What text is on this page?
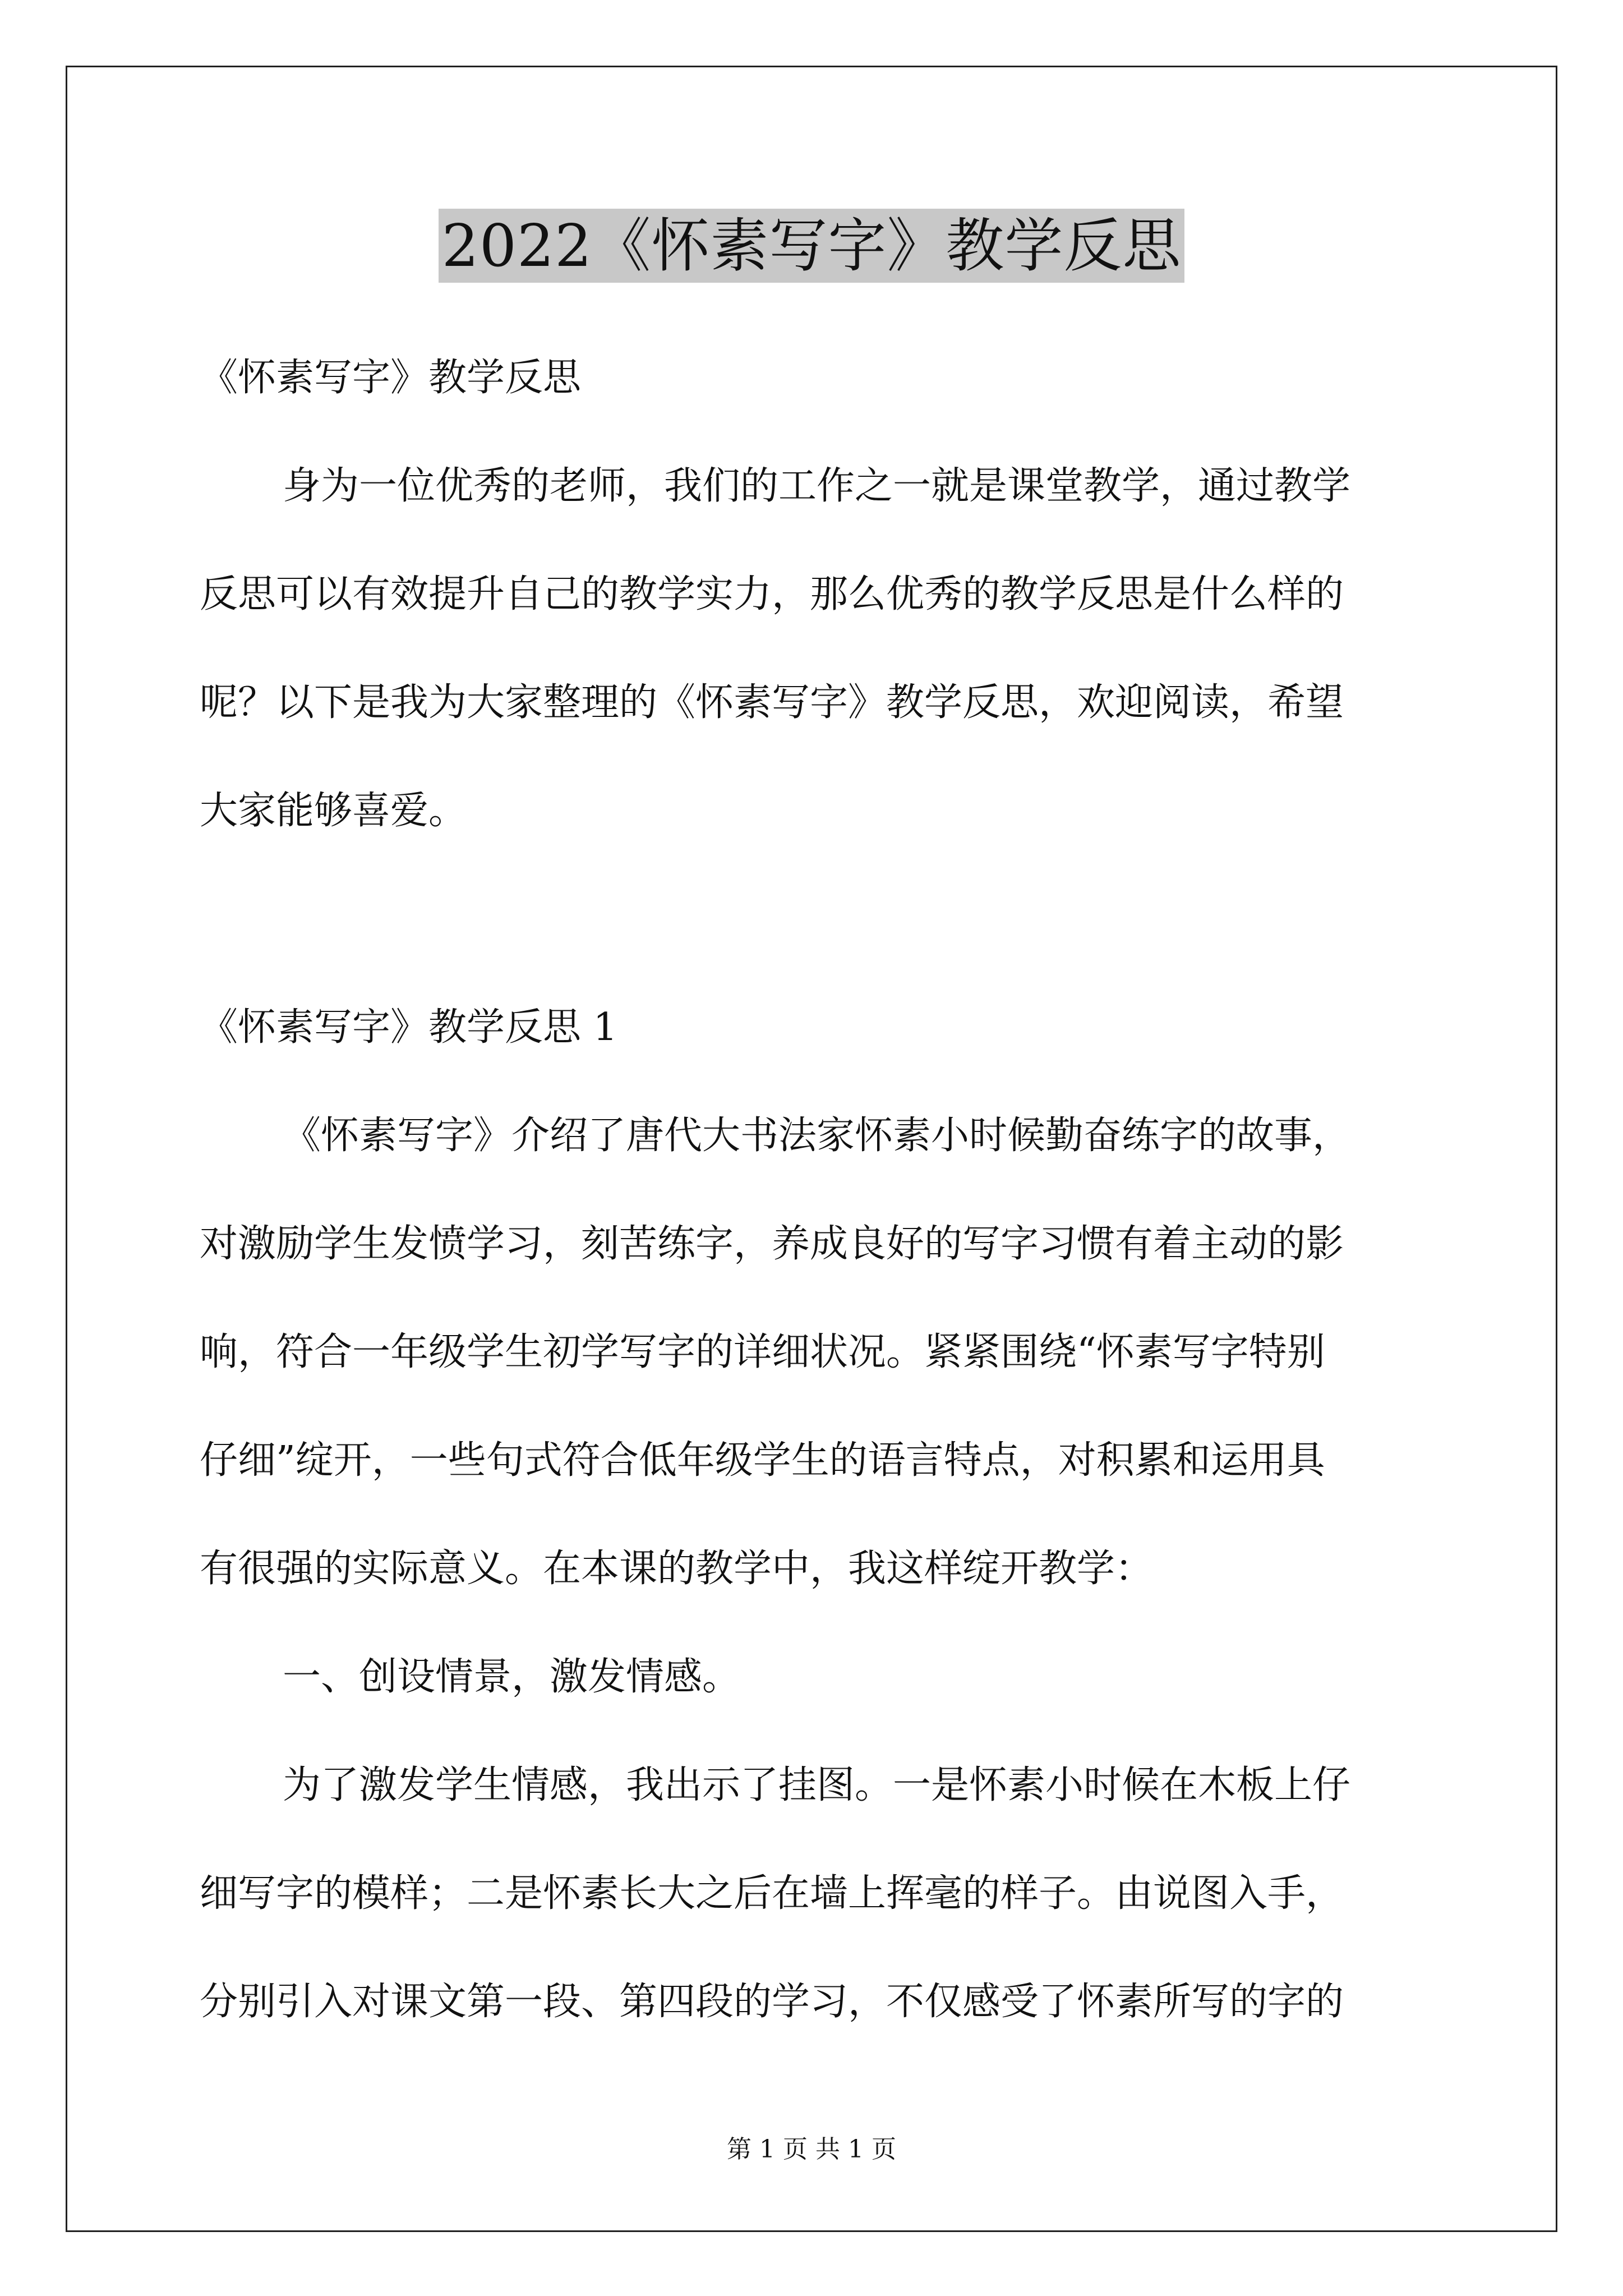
2022《怀素写字》教学反思
《怀素写字》教学反思
身为一位优秀的老师，我们的工作之一就是课堂教学，通过教学
反思可以有效提升自己的教学实力，那么优秀的教学反思是什么样的
呢？以下是我为大家整理的《怀素写字》教学反思，欢迎阅读，希望
大家能够喜爱。
《怀素写字》教学反思 1
《怀素写字》介绍了唐代大书法家怀素小时候勤奋练字的故事，
对激励学生发愤学习，刻苦练字，养成良好的写字习惯有着主动的影
响，符合一年级学生初学写字的详细状况。紧紧围绕“怀素写字特别
仔细”绽开，一些句式符合低年级学生的语言特点，对积累和运用具
有很强的实际意义。在本课的教学中，我这样绽开教学：
一、创设情景，激发情感。
为了激发学生情感，我出示了挂图。一是怀素小时候在木板上仔
细写字的模样；二是怀素长大之后在墙上挥毫的样子。由说图入手，
分别引入对课文第一段、第四段的学习，不仅感受了怀素所写的字的
第 1 页 共 1 页
